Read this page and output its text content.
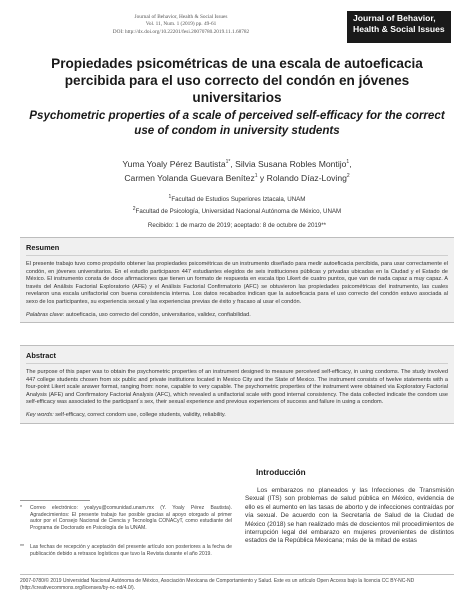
Journal of Behavior, Health & Social Issues
Vol. 11, Num. 1 (2019) pp. 49-61
DOI: http://dx.doi.org/10.22201/fesi.20070780.2019.11.1.68782
Journal of Behavior,
Health & Social Issues
Propiedades psicométricas de una escala de autoeficacia percibida para el uso correcto del condón en jóvenes universitarios
Psychometric properties of a scale of perceived self-efficacy for the correct use of condom in university students
Yuma Yoaly Pérez Bautista$^{1*}$, Silvia Susana Robles Montijo$^1$,
Carmen Yolanda Guevara Benítez$^1$ y Rolando Díaz-Loving$^2$
$^1$Facultad de Estudios Superiores Iztacala, UNAM
$^2$Facultad de Psicología, Universidad Nacional Autónoma de México, UNAM
Recibido: 1 de marzo de 2019; aceptado: 8 de octubre de 2019**
Resumen
El presente trabajo tuvo como propósito obtener las propiedades psicométricas de un instrumento diseñado para medir autoeficacia percibida, para usar correctamente el condón, en jóvenes universitarios. En el estudio participaron 447 estudiantes elegidos de seis instituciones públicas y privadas ubicadas en la Ciudad y el Estado de México. El instrumento consta de doce afirmaciones que tienen un formato de respuesta en escala tipo Likert de cuatro puntos, que van de nada capaz a muy capaz. A través del Análisis Factorial Exploratorio (AFE) y el Análisis Factorial Confirmatorio (AFC) se obtuvieron las propiedades psicométricas del instrumento, las cuales revelaron una escala unifactorial con buena consistencia interna. Los datos recabados indican que la autoeficacia para el uso correcto del condón estuvo asociada al sexo de los participantes, su experiencia sexual y las experiencias previas de éxito y fracaso al usar el condón.
Palabras clave: autoeficacia, uso correcto del condón, universitarios, validez, confiabilidad.
Abstract
The purpose of this paper was to obtain the psychometric properties of an instrument designed to measure perceived self-efficacy, in using condoms. The study involved 447 college students chosen from six public and private institutions located in Mexico City and the State of Mexico. The instrument consists of twelve statements with a four-point Likert scale answer format, ranging from: none, capable to very capable. The psychometric properties of the instrument were obtained via Exploratory Factorial Analysis (AFE) and Confirmatory Factorial Analysis (AFC), which revealed a unifactorial scale with good internal consistency. The data collected indicate the condom use self-efficacy was associated to the participant´s sex, their sexual experience and previous experiences of success and failure in using a condom.
Key words: self-efficacy, correct condom use, college students, validity, reliability.
*	Correo electrónico: yoalyyu@comunidad.unam.mx (Y. Yoaly Pérez Bautista). Agradecimientos: El presente trabajo fue posible gracias al apoyo otorgado al primer autor por el Consejo Nacional de Ciencia y Tecnología CONACyT, como estudiante del Programa de Doctorado en Psicología de la UNAM.
**	Las fechas de recepción y aceptación del presente artículo son posteriores a la fecha de publicación debido a retrasos logísticos que tuvo la Revista durante el año 2019.
Introducción

Los embarazos no planeados y las Infecciones de Transmisión Sexual (ITS) son problemas de salud pública en México, evidencia de ello es el aumento en las tasas de aborto y de infecciones contraídas por vía sexual. De acuerdo con la Secretaría de Salud de la Ciudad de México (2018) se han realizado más de doscientos mil procedimientos de interrupción legal del embarazo en mujeres provenientes de distintos estados de la República Mexicana; más de la mitad de estas

2007-0780/© 2019 Universidad Nacional Autónoma de México, Asociación Mexicana de Comportamiento y Salud. Este es un artículo Open Access bajo la licencia CC BY-NC-ND (http://creativecommons.org/licenses/by-nc-nd/4.0/).
